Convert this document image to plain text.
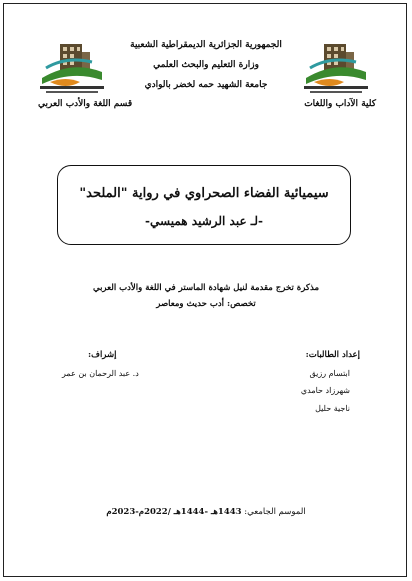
الجمهورية الجزائرية الديمقراطية الشعبية
وزارة التعليم والبحث العلمي
جامعة الشهيد حمه لخضر بالوادي
كلية الآداب واللغات
قسم اللغة والأدب العربي
سيميائية الفضاء الصحراوي في رواية "الملحد"
-لـ عبد الرشيد هميسي-
مذكرة تخرج مقدمة لنيل شهادة الماستر في اللغة والأدب العربي
تخصص: أدب حديث ومعاصر
إعداد الطالبات:
ابتسام رزيق
شهرزاد حامدي
ناجية حليل
إشراف:
د. عبد الرحمان بن عمر
الموسم الجامعي: 1443هـ -1444هـ /2022م-2023م
